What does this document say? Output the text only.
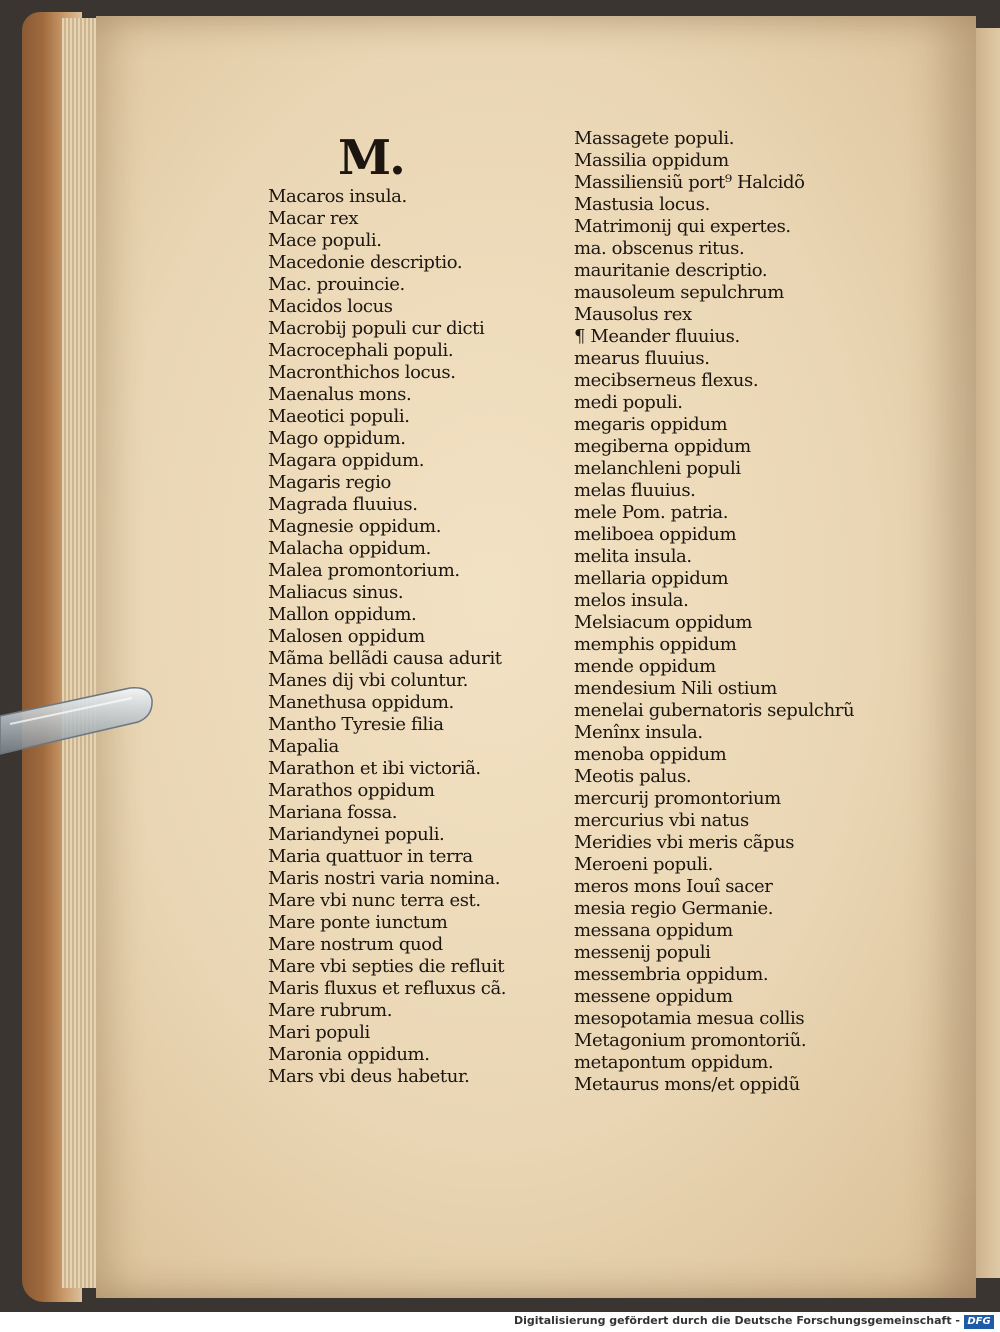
M.
Macaros insula.
Macar rex
Mace populi.
Macedonie descriptio.
Mac. prouincie.
Macidos locus
Macrobij populi cur dicti
Macrocephali populi.
Macronthichos locus.
Maenalus mons.
Maeotici populi.
Mago oppidum.
Magara oppidum.
Magaris regio
Magrada fluuius.
Magnesie oppidum.
Malacha oppidum.
Malea promontorium.
Maliacus sinus.
Mallon oppidum.
Malosen oppidum
Mãma bellãdi causa adurit
Manes dij vbi coluntur.
Manethusa oppidum.
Mantho Tyresie filia
Mapalia
Marathon et ibi victoriã.
Marathos oppidum
Mariana fossa.
Mariandynei populi.
Maria quattuor in terra
Maris nostri varia nomina.
Mare vbi nunc terra est.
Mare ponte iunctum
Mare nostrum quod
Mare vbi septies die refluit
Maris fluxus et refluxus cã.
Mare rubrum.
Mari populi
Maronia oppidum.
Mars vbi deus habetur.
Massagete populi.
Massilia oppidum
Massiliensiũ port⁹ Halcidõ
Mastusia locus.
Matrimonij qui expertes.
ma. obscenus ritus.
mauritanie descriptio.
mausoleum sepulchrum
Mausolus rex
¶ Meander fluuius.
mearus fluuius.
mecibserneus flexus.
medi populi.
megaris oppidum
megiberna oppidum
melanchleni populi
melas fluuius.
mele Pom. patria.
meliboea oppidum
melita insula.
mellaria oppidum
melos insula.
Melsiacum oppidum
memphis oppidum
mende oppidum
mendesium Nili ostium
menelai gubernatoris sepulchrũ
Menînx insula.
menoba oppidum
Meotis palus.
mercurij promontorium
mercurius vbi natus
Meridies vbi meris cãpus
Meroeni populi.
meros mons Iouî sacer
mesia regio Germanie.
messana oppidum
messenij populi
messembria oppidum.
messene oppidum
mesopotamia mesua collis
Metagonium promontoriũ.
metapontum oppidum.
Metaurus mons/et oppidũ
Digitalisierung gefördert durch die Deutsche Forschungsgemeinschaft - DFG
